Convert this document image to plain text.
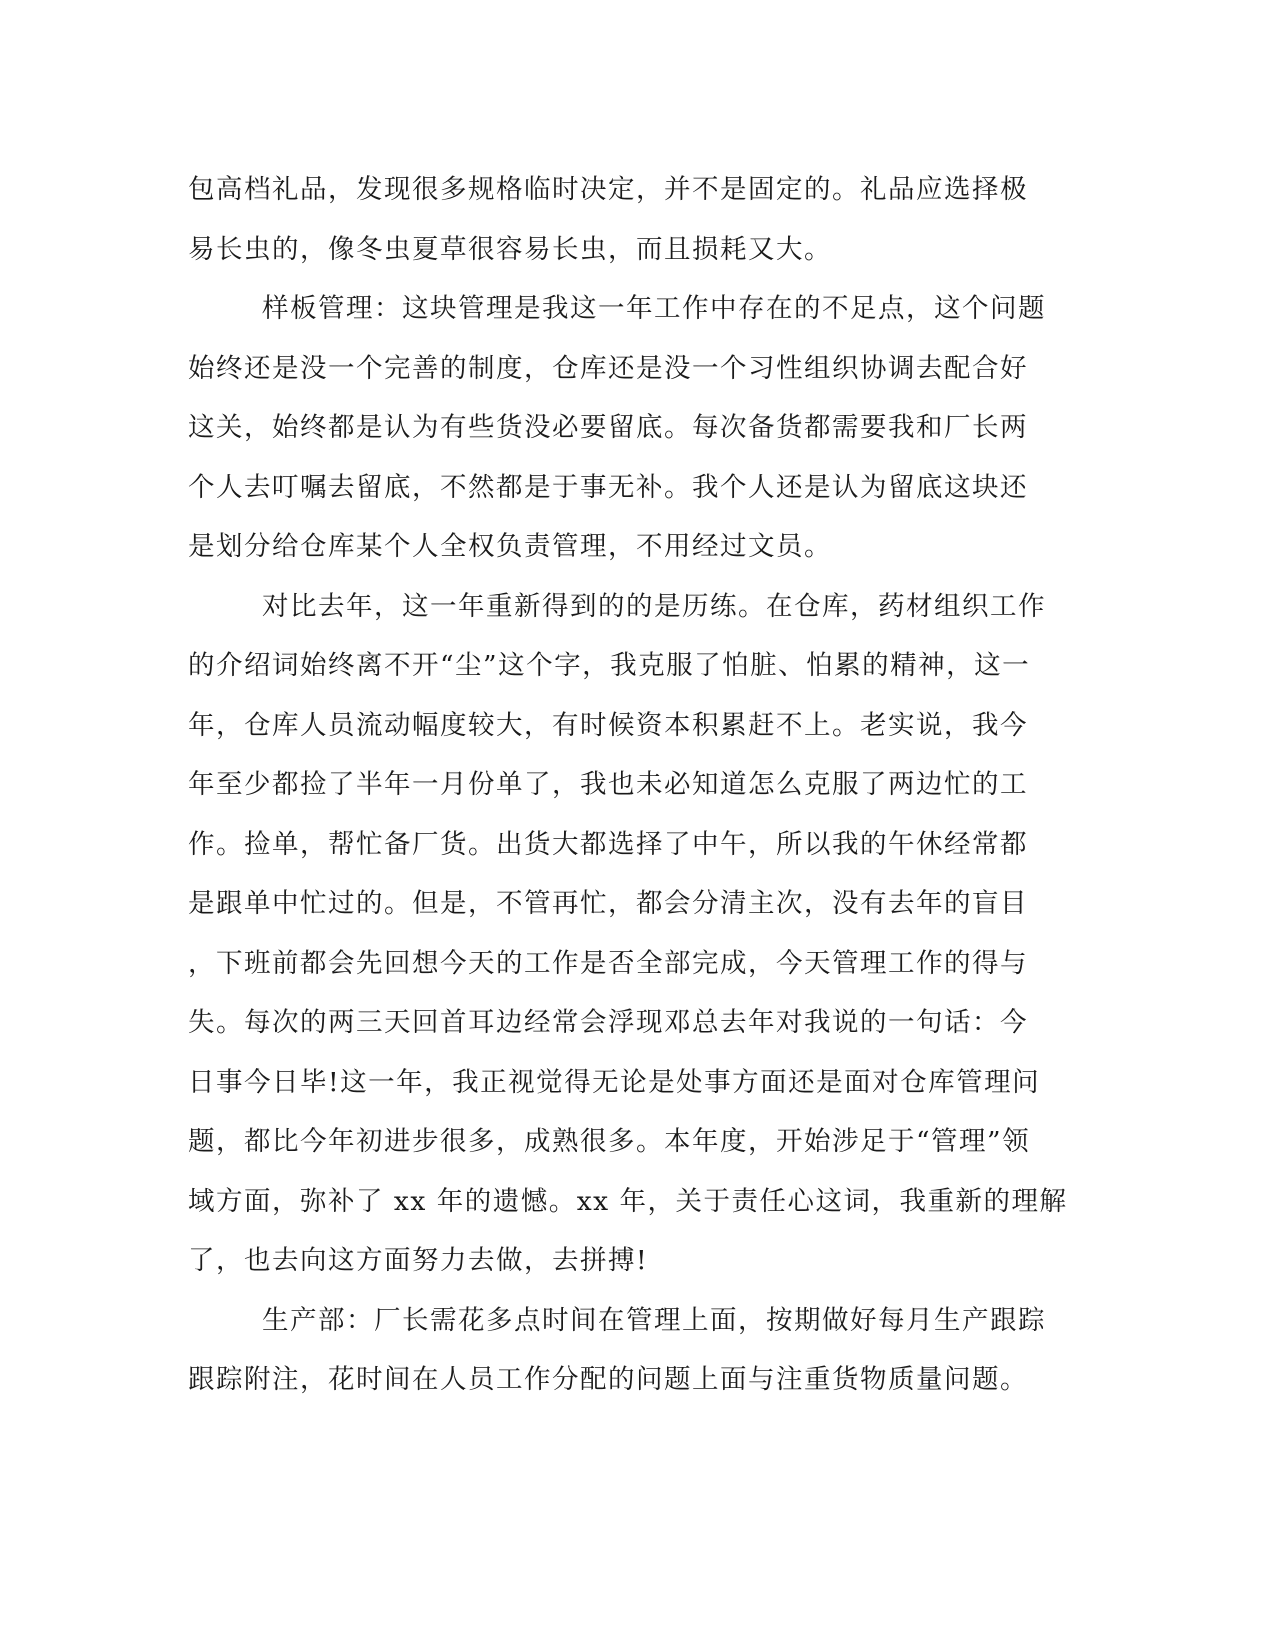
包高档礼品，发现很多规格临时决定，并不是固定的。礼品应选择极
易长虫的，像冬虫夏草很容易长虫，而且损耗又大。
样板管理：这块管理是我这一年工作中存在的不足点，这个问题
始终还是没一个完善的制度，仓库还是没一个习性组织协调去配合好
这关，始终都是认为有些货没必要留底。每次备货都需要我和厂长两
个人去叮嘱去留底，不然都是于事无补。我个人还是认为留底这块还
是划分给仓库某个人全权负责管理，不用经过文员。
对比去年，这一年重新得到的的是历练。在仓库，药材组织工作
的介绍词始终离不开“尘”这个字，我克服了怕脏、怕累的精神，这一
年，仓库人员流动幅度较大，有时候资本积累赶不上。老实说，我今
年至少都捡了半年一月份单了，我也未必知道怎么克服了两边忙的工
作。捡单，帮忙备厂货。出货大都选择了中午，所以我的午休经常都
是跟单中忙过的。但是，不管再忙，都会分清主次，没有去年的盲目
，下班前都会先回想今天的工作是否全部完成，今天管理工作的得与
失。每次的两三天回首耳边经常会浮现邓总去年对我说的一句话：今
日事今日毕!这一年，我正视觉得无论是处事方面还是面对仓库管理问
题，都比今年初进步很多，成熟很多。本年度，开始涉足于“管理”领
域方面，弥补了 xx 年的遗憾。xx 年，关于责任心这词，我重新的理解
了，也去向这方面努力去做，去拼搏!
生产部：厂长需花多点时间在管理上面，按期做好每月生产跟踪
跟踪附注，花时间在人员工作分配的问题上面与注重货物质量问题。
